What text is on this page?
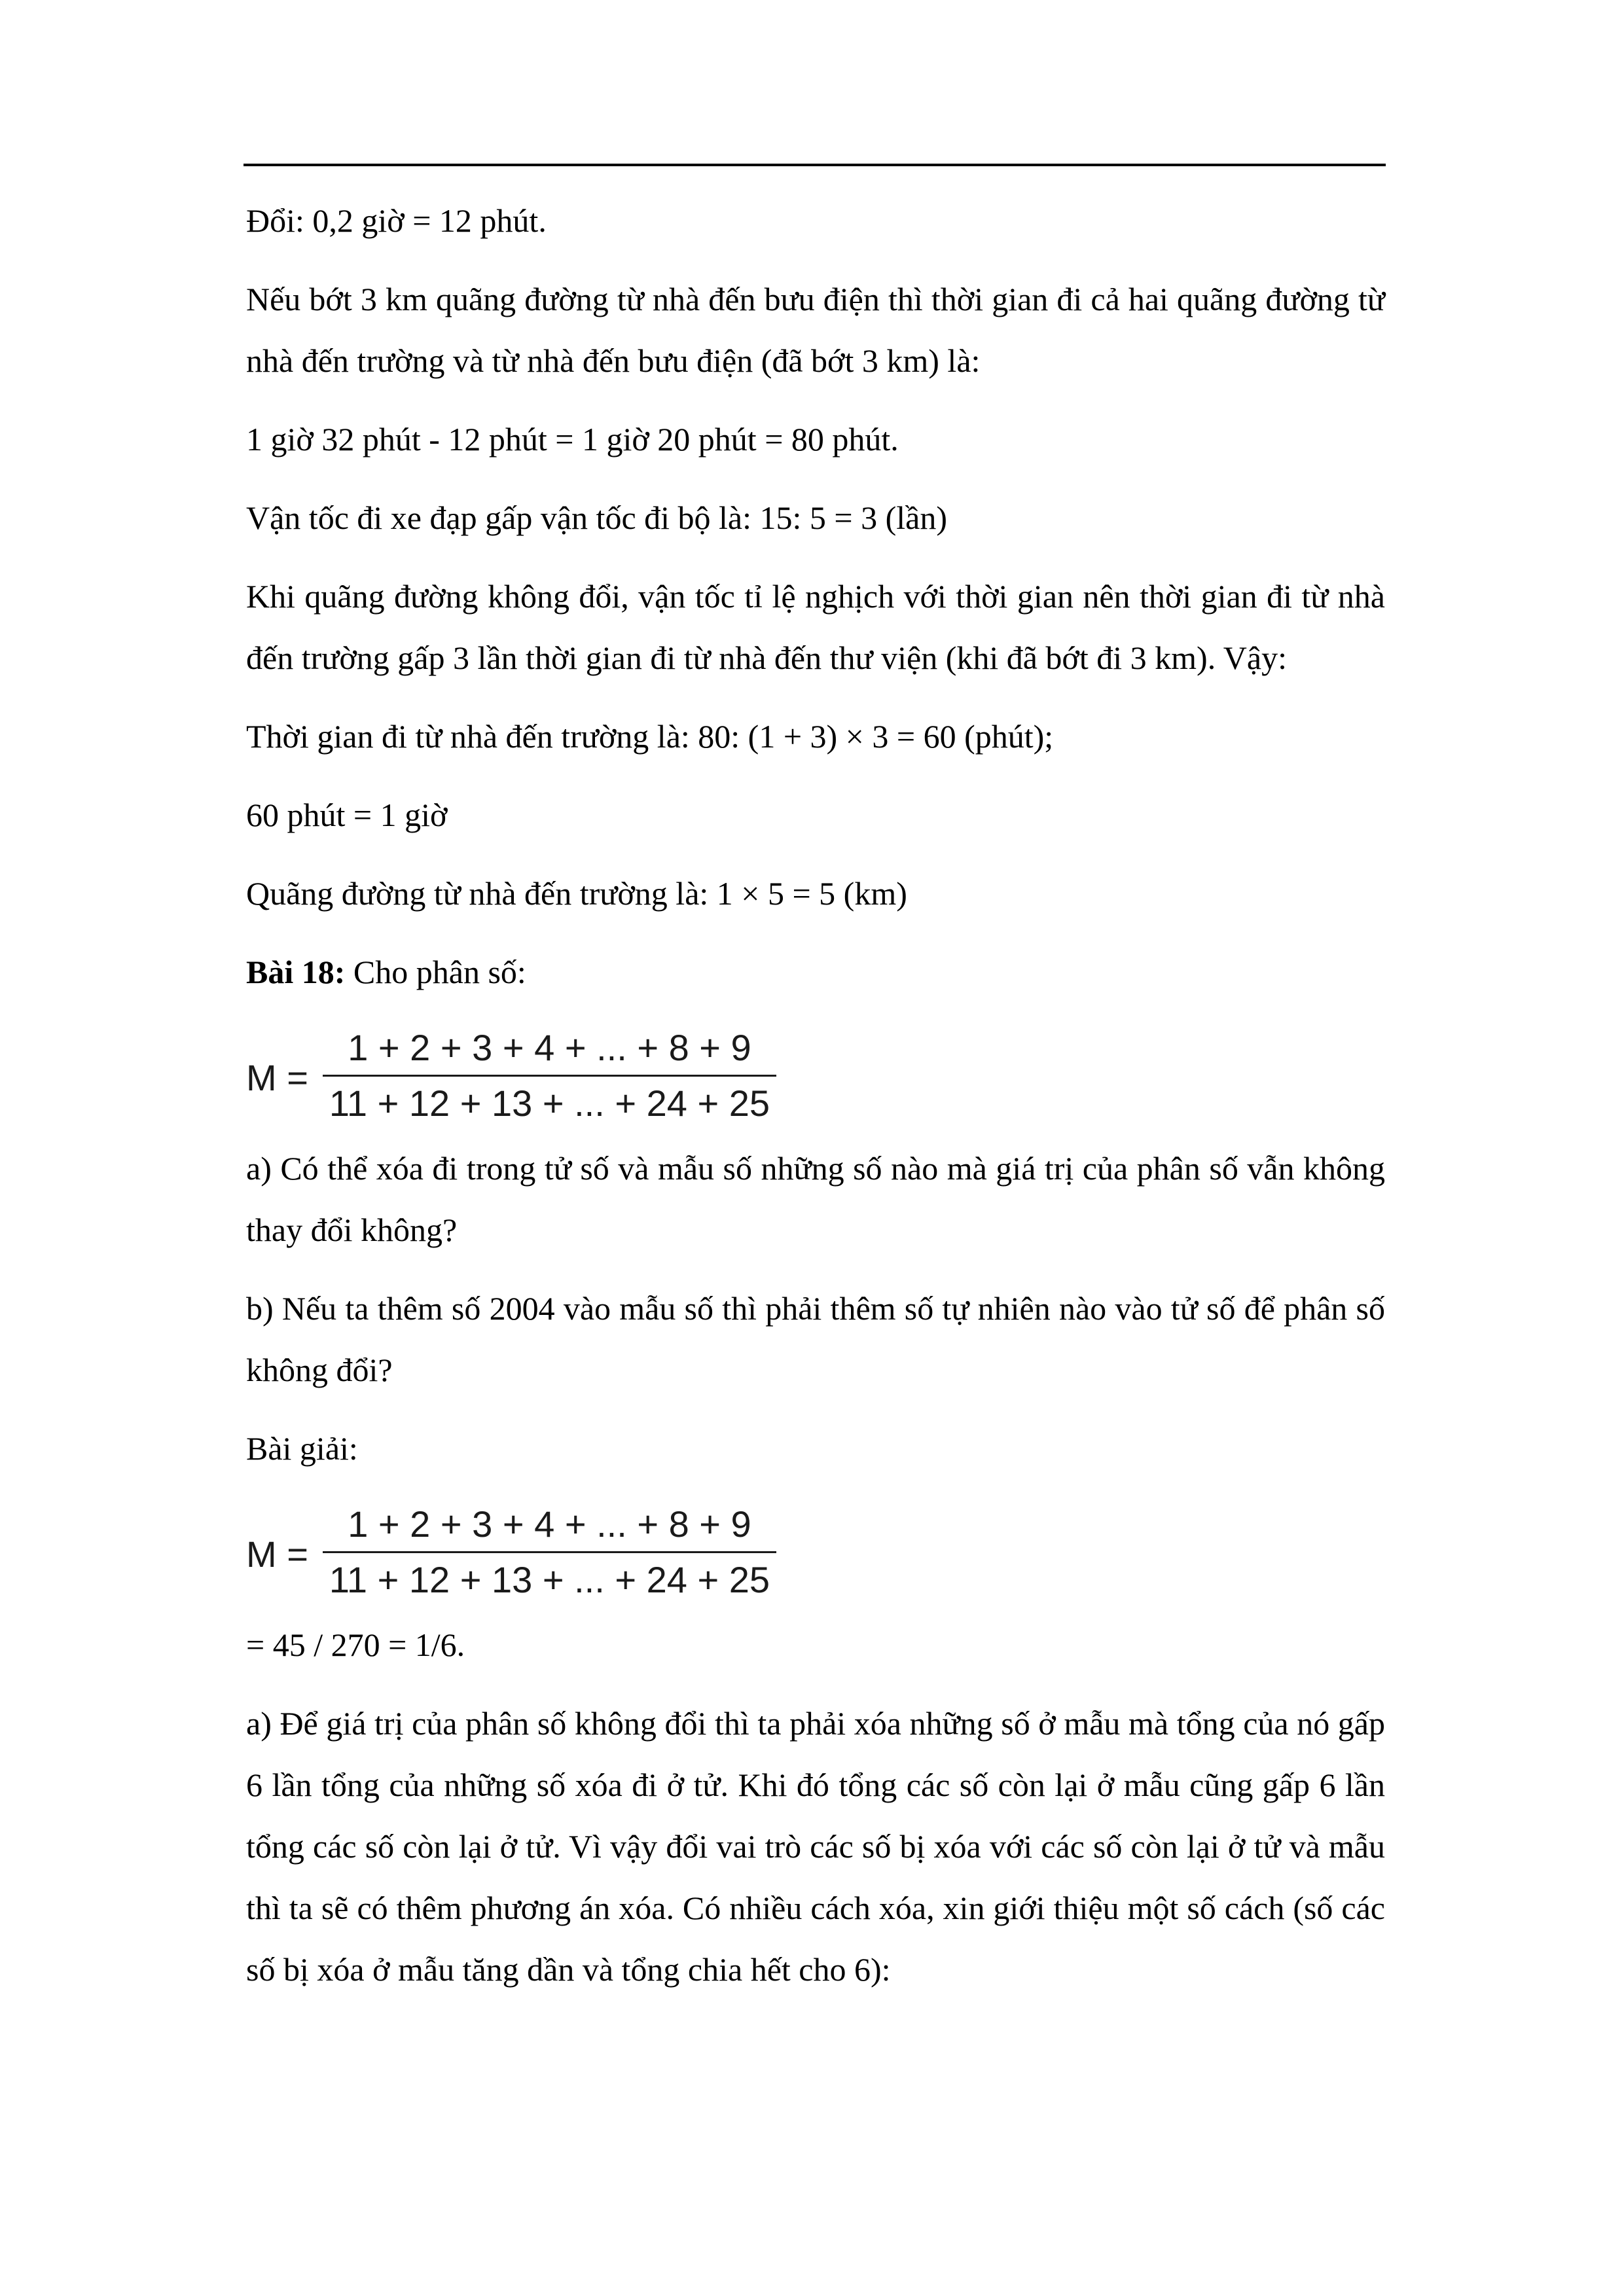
Đổi: 0,2 giờ = 12 phút.

Nếu bớt 3 km quãng đường từ nhà đến bưu điện thì thời gian đi cả hai quãng đường từ nhà đến trường và từ nhà đến bưu điện (đã bớt 3 km) là:

1 giờ 32 phút - 12 phút = 1 giờ 20 phút = 80 phút.

Vận tốc đi xe đạp gấp vận tốc đi bộ là: 15: 5 = 3 (lần)

Khi quãng đường không đổi, vận tốc tỉ lệ nghịch với thời gian nên thời gian đi từ nhà đến trường gấp 3 lần thời gian đi từ nhà đến thư viện (khi đã bớt đi 3 km). Vậy:

Thời gian đi từ nhà đến trường là: 80: (1 + 3) × 3 = 60 (phút);

60 phút = 1 giờ

Quãng đường từ nhà đến trường là: 1 × 5 = 5 (km)

Bài 18: Cho phân số:

$M = \frac{1 + 2 + 3 + 4 + ... + 8 + 9}{11 + 12 + 13 + ... + 24 + 25}$

a) Có thể xóa đi trong tử số và mẫu số những số nào mà giá trị của phân số vẫn không thay đổi không?

b) Nếu ta thêm số 2004 vào mẫu số thì phải thêm số tự nhiên nào vào tử số để phân số không đổi?

Bài giải:

$M = \frac{1 + 2 + 3 + 4 + ... + 8 + 9}{11 + 12 + 13 + ... + 24 + 25}$

= 45 / 270 = 1/6.

a) Để giá trị của phân số không đổi thì ta phải xóa những số ở mẫu mà tổng của nó gấp 6 lần tổng của những số xóa đi ở tử. Khi đó tổng các số còn lại ở mẫu cũng gấp 6 lần tổng các số còn lại ở tử. Vì vậy đổi vai trò các số bị xóa với các số còn lại ở tử và mẫu thì ta sẽ có thêm phương án xóa. Có nhiều cách xóa, xin giới thiệu một số cách (số các số bị xóa ở mẫu tăng dần và tổng chia hết cho 6):
